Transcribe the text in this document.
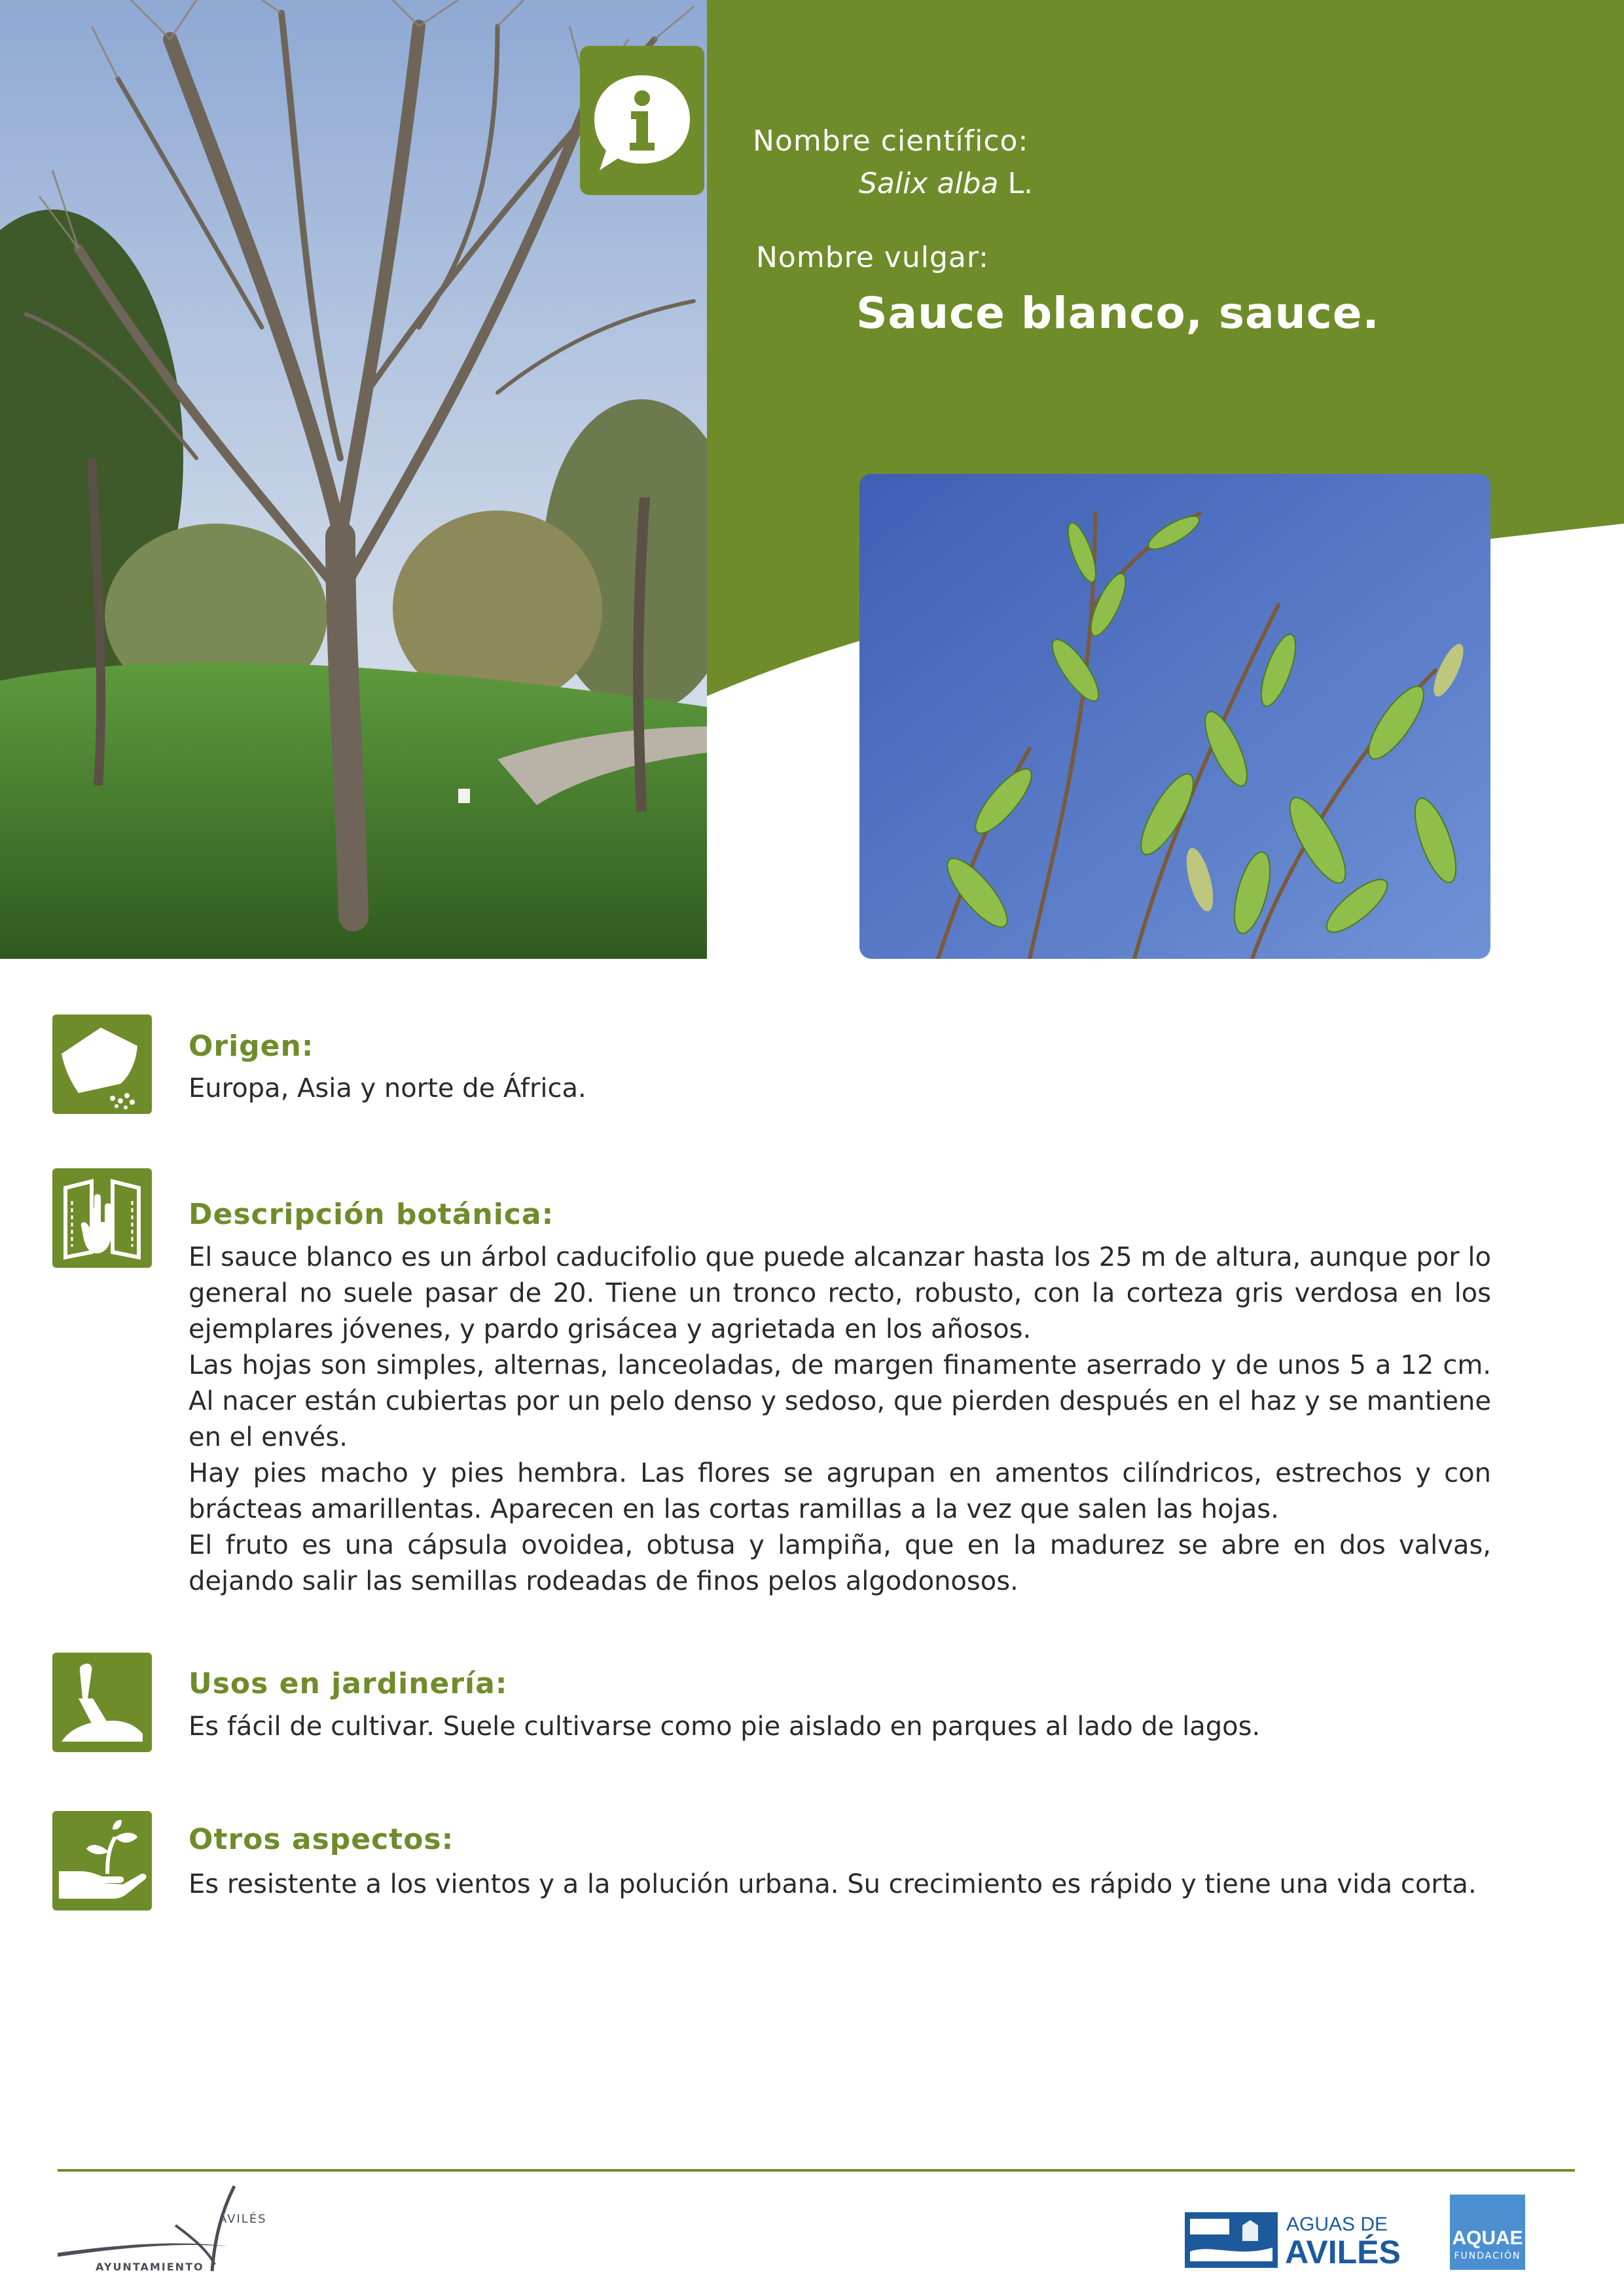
Nombre científico:
Salix alba L.
Nombre vulgar:
Sauce blanco, sauce.
Origen:
Europa, Asia y norte de África.
Descripción botánica:

El sauce blanco es un árbol caducifolio que puede alcanzar hasta los 25 m de altura, aunque por lo general no suele pasar de 20. Tiene un tronco recto, robusto, con la corteza gris verdosa en los ejemplares jóvenes, y pardo grisácea y agrietada en los añosos.

Las hojas son simples, alternas, lanceoladas, de margen finamente aserrado y de unos 5 a 12 cm. Al nacer están cubiertas por un pelo denso y sedoso, que pierden después en el haz y se mantiene en el envés.

Hay pies macho y pies hembra. Las flores se agrupan en amentos cilíndricos, estrechos y con brácteas amarillentas. Aparecen en las cortas ramillas a la vez que salen las hojas.

El fruto es una cápsula ovoidea, obtusa y lampiña, que en la madurez se abre en dos valvas, dejando salir las semillas rodeadas de finos pelos algodonosos.

Usos en jardinería:
Es fácil de cultivar. Suele cultivarse como pie aislado en parques al lado de lagos.
Otros aspectos:
Es resistente a los vientos y a la polución urbana. Su crecimiento es rápido y tiene una vida corta.
AVILÉS
AYUNTAMIENTO
AGUAS DE
AVILÉS	AQUAE
FUNDACIÓN
